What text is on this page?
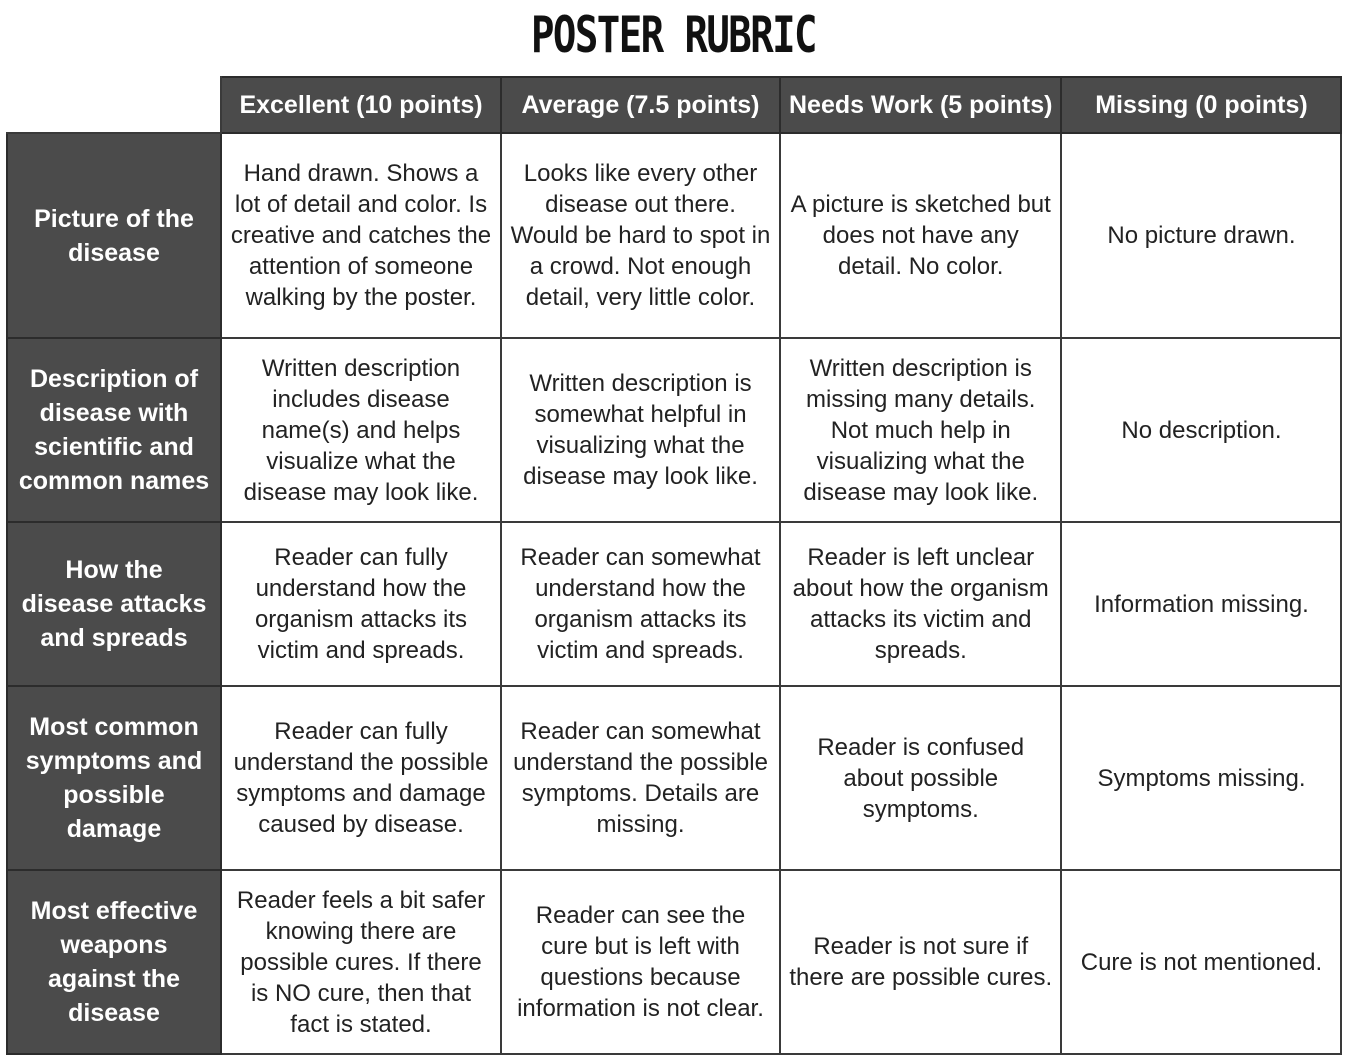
POSTER RUBRIC
	Excellent (10 points)	Average (7.5 points)	Needs Work (5 points)	Missing (0 points)
Picture of the disease	Hand drawn. Shows a lot of detail and color. Is creative and catches the attention of someone walking by the poster.	Looks like every other disease out there. Would be hard to spot in a crowd. Not enough detail, very little color.	A picture is sketched but does not have any detail. No color.	No picture drawn.
Description of disease with scientific and common names	Written description includes disease name(s) and helps visualize what the disease may look like.	Written description is somewhat helpful in visualizing what the disease may look like.	Written description is missing many details. Not much help in visualizing what the disease may look like.	No description.
How the disease attacks and spreads	Reader can fully understand how the organism attacks its victim and spreads.	Reader can somewhat understand how the organism attacks its victim and spreads.	Reader is left unclear about how the organism attacks its victim and spreads.	Information missing.
Most common symptoms and possible damage	Reader can fully understand the possible symptoms and damage caused by disease.	Reader can somewhat understand the possible symptoms. Details are missing.	Reader is confused about possible symptoms.	Symptoms missing.
Most effective weapons against the disease	Reader feels a bit safer knowing there are possible cures. If there is NO cure, then that fact is stated.	Reader can see the cure but is left with questions because information is not clear.	Reader is not sure if there are possible cures.	Cure is not mentioned.
